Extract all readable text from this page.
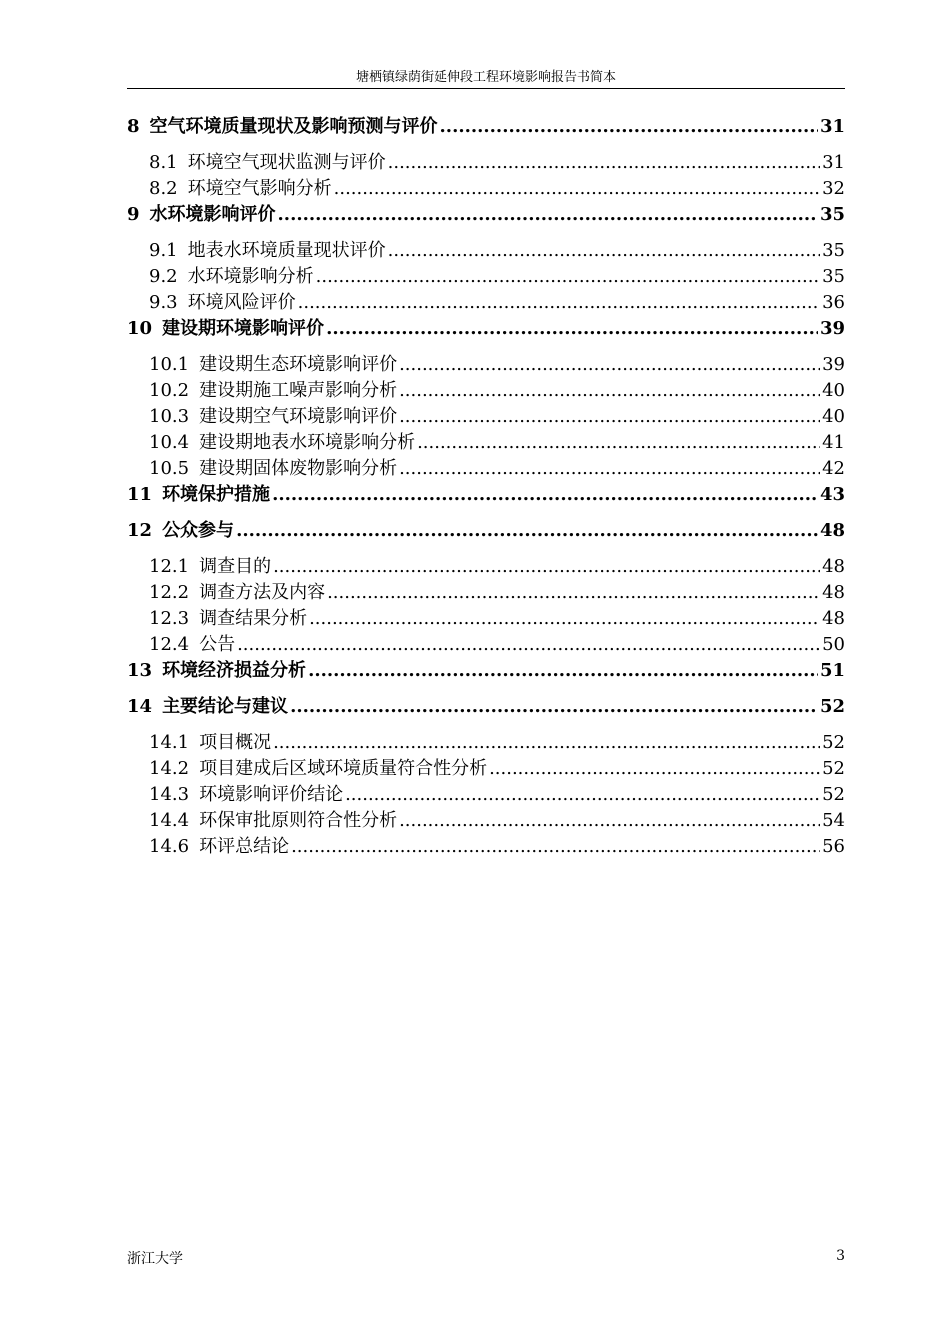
塘栖镇绿荫街延伸段工程环境影响报告书简本
8 空气环境质量现状及影响预测与评价 .....	31
8.1 环境空气现状监测与评价 .....	31
8.2 环境空气影响分析 .....	32
9 水环境影响评价 .....	35
9.1 地表水环境质量现状评价 .....	35
9.2 水环境影响分析 .....	35
9.3 环境风险评价 .....	36
10 建设期环境影响评价 .....	39
10.1 建设期生态环境影响评价 .....	39
10.2 建设期施工噪声影响分析 .....	40
10.3 建设期空气环境影响评价 .....	40
10.4 建设期地表水环境影响分析 .....	41
10.5 建设期固体废物影响分析 .....	42
11 环境保护措施 .....	43
12 公众参与 .....	48
12.1 调查目的 .....	48
12.2 调查方法及内容 .....	48
12.3 调查结果分析 .....	48
12.4 公告 .....	50
13 环境经济损益分析 .....	51
14 主要结论与建议 .....	52
14.1 项目概况 .....	52
14.2 项目建成后区域环境质量符合性分析 .....	52
14.3 环境影响评价结论 .....	52
14.4 环保审批原则符合性分析 .....	54
14.6 环评总结论 .....	56
浙江大学	3
